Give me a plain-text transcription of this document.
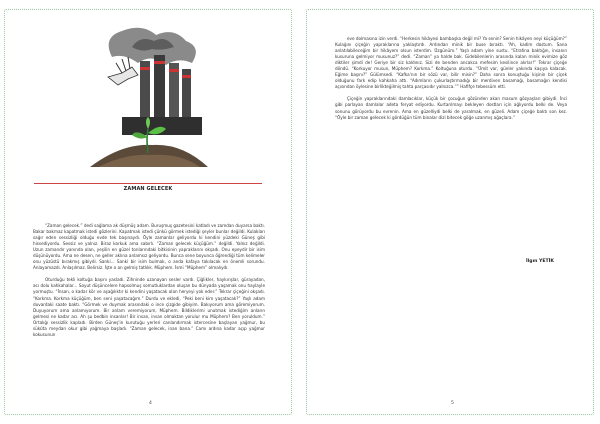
ZAMAN GELECEK

“Zaman gelecek.” dedi sağlama ak düşmüş adam. Buruşmuş gazetesini katladı ve zamdan duyarsa baktı. Bakar bakmaz kapatmak istedi gözlerini. Kapatmak istedi çünkü görmek istediği şeyler bunlar değildi. Kulakları sağır eden sessizliği olduğu evde tek başınaydı. Öyle zamanlar geliyordu ki kendini yüzdeki Güneş gibi hissediyordu. Sessiz ve yalnız. Biraz korkuk ama sabırlı. “Zaman gelecek küçüğüm.” değildi. Yalnız değildi. Uzun zamandır yanında olan, yeşilin en güzel tonlarındaki bitkisinin yapraklarını okşadı. Onu epeydir bir isim düşünüyordu. Ama ne desen, ne geller aklına anlamsız geliyordu. Bunca sene boyunca öğrendiği tüm kelimeler onu yüzüstü bırakmış gibiydi. Sanki... Sanki bir isim bulmak, o anda kafaya takılacak en önemli sorundu. Anlayamazdı. Anlaşılmaz. Belirsiz. İşte o an gelmiş tatlılık. Müphem. İsmi “Müphem” olmalıydı.

Oturduğu tekli koltuğa başını yasladı. Zihninde uzanayan sesler vardı. Çiğlikler, haykırışlar, gürayadan, acı dolu kahkahalar... Soyut düşüncelere hapsolmuş somutluklardan oluşan bu dünyada yaşamak onu haylayle yormuştu. “İnsan, o kadar kör ve aşağılıktır ki kendini yaşatacak olan heryeyi yok eder.” Tekrar çiçeğini okşadı. “Korkma. Korkma küçüğüm, ben seni yaşatacağım.” Durdu ve ekledi, “Peki beni kim yaşatacak?” Yaşlı adam duvardaki saate baktı. “Görmek ve duymak arasındaki o ince çizgide gibiyim. Bakıyorum ama göremiyorum. Duyuyorum ama anlamıyorum. Bir anlam veremiyorum, Müphem. Bildiklerimi unutmak istediğim anların gelmesi ne kadar acı. Ah şu bedbin insanlar! Bir insan, insan olmaktan yorulur mu Müphem? Ben yoruldum.” Ortalığı sessizlik kapladı. Birden Güneş'in kurutuğu yerleri canlandırmak istercesine başlayan yağmur, bu sükûta meydan okur gibi yağmaya başladı. “Zaman gelecek, inan bana.” Camı ardına kadar açıp yağmur kokusunun

4

eve dolmasına izin verdi. “Herkesin hikâyesi bambaşka değil mi? Ya senin? Senin hikâyen neyi küçüğüm?” Kulağını çiçeğin yapraklarına yaklaştırdı. Ardından minik bir buse bıraktı. “Ah, kadim dostum. Sana anlatılabileceğim bir hikâyem olsun isterdim. Üzgünüm.” Yaşlı adam yine sustu. “Etrafına baktığın, insanın kusuruna gelmiyor musunuz?” dedi. “Zaman” ya halde bak. Gidebilenlerin arasında kalan minik evimize göz diktiler şimdi de! Geriye bir siz kaldınız. Sizi de benden ancakca mefesim kesilince alırlar!” Tekrar çiçeğe döndü. “Korkuyor musun, Müphem? Korkma.” Koltuğuna oturdu. “Ümit var, günler yakında kaşıya kalacak. Eğime başını?” Gülümsedi. “Kafka'nın bir sözü var, bilir misin?” Daha sonra konuştuğu kişinin bir çiçek olduğunu fark edip kahkaha attı. “Adımların çukurlaştırmadığı bir merdiven basamağı, basamağın kendisi açısından öylesine birlikteğilmiş tahta parçasıdır yalnızca.”” Hafifçe tebessüm etti.

Çiçeğin yapraklarındaki damlacıklar, küçük bir çocuğun gözünden akan masum gözyaşları gibiydi. İnci gibi parlayan damlalar adeta feryat ediyordu. Kurtarılmayı bekleyen dostları için ağlıyordu belki de. Veya sonunu görüyordu bu evrenin. Ama en güzelliydi belki de yaralmak, en güzeli. Adam çiçeğe baktı son kez. “Öyle bir zaman gelecek ki gördüğün tüm binalar dizi bitecek göğe uzanmış ağaçlara.”

İlgın YETİK
5
